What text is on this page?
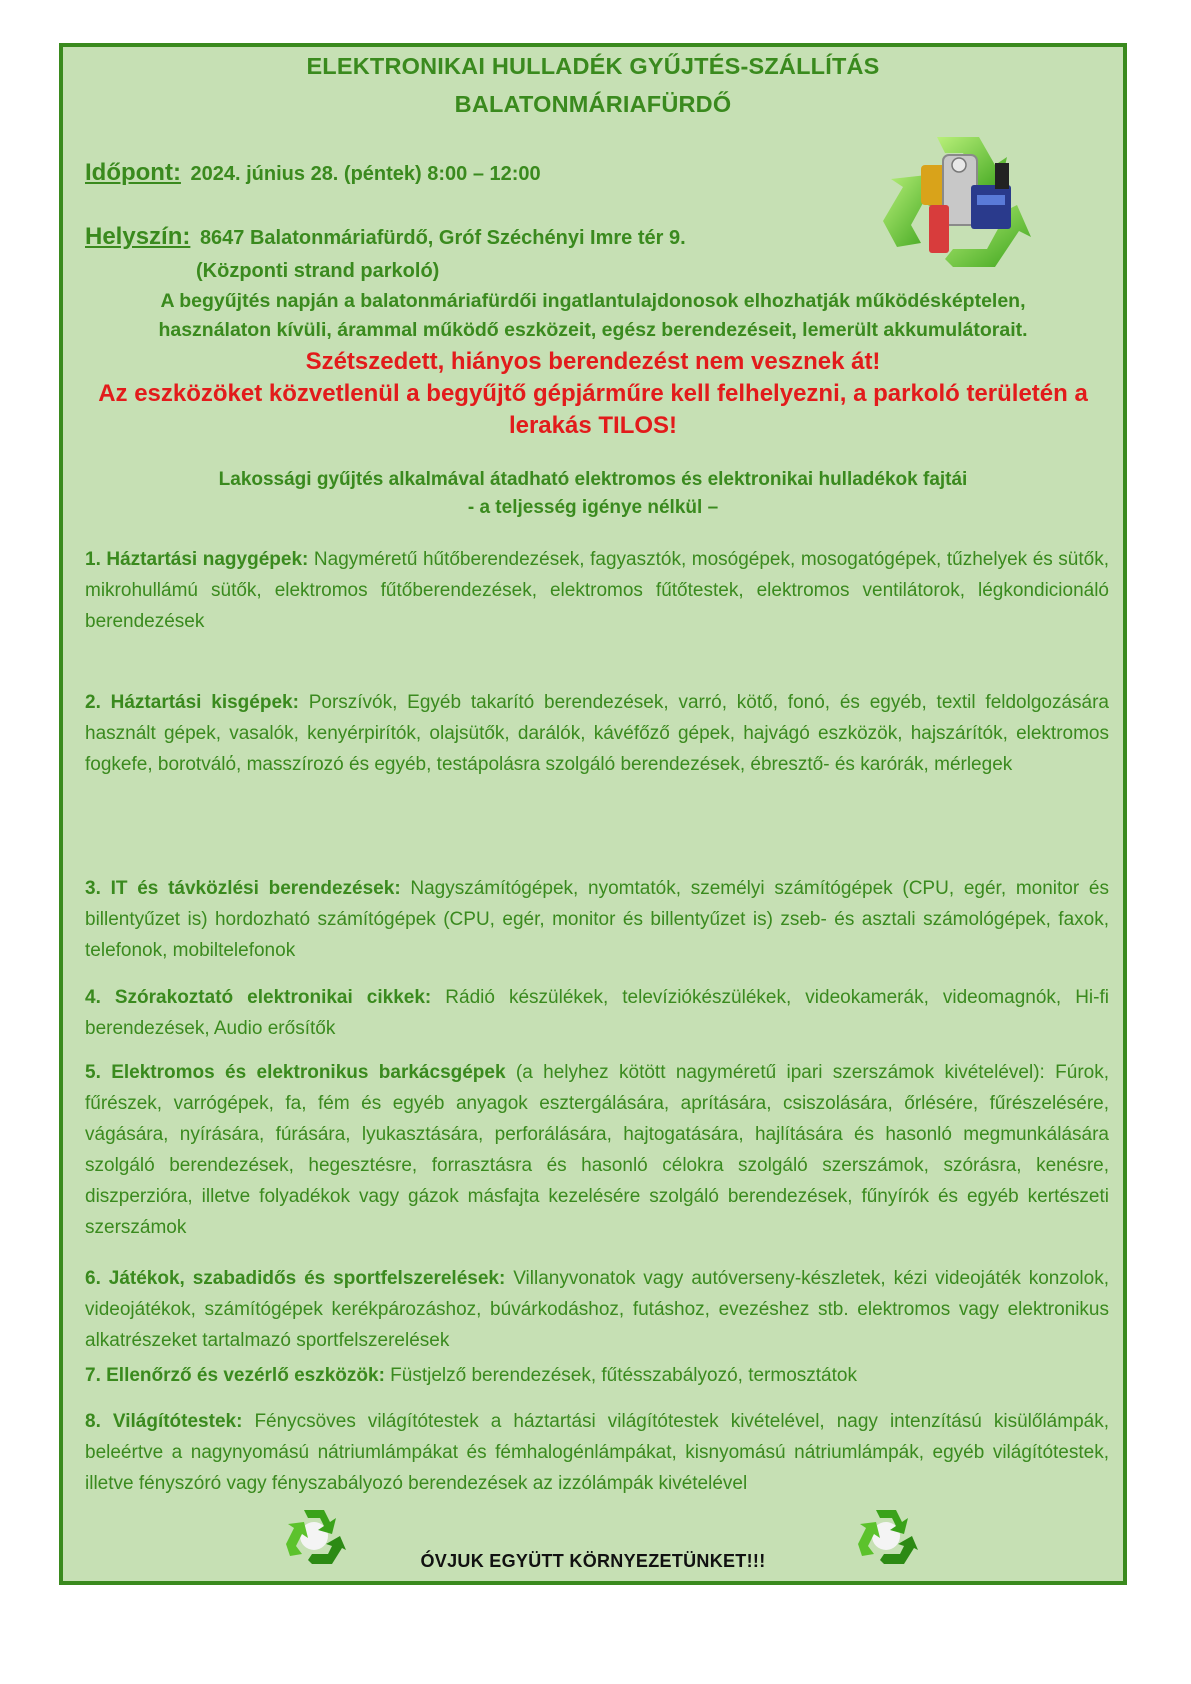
ELEKTRONIKAI HULLADÉK GYŰJTÉS-SZÁLLÍTÁS
BALATONMÁRIAFÜRDŐ
Időpont: 2024. június 28. (péntek) 8:00 – 12:00
Helyszín: 8647 Balatonmáriafürdő, Gróf Széchényi Imre tér 9.
(Központi strand parkoló)
A begyűjtés napján a balatonmáriafürdői ingatlantulajdonosok elhozhatják működésképtelen,
használaton kívüli, árammal működő eszközeit, egész berendezéseit, lemerült akkumulátorait.
Szétszedett, hiányos berendezést nem vesznek át!
Az eszközöket közvetlenül a begyűjtő gépjárműre kell felhelyezni, a parkoló területén a
lerakás TILOS!
Lakossági gyűjtés alkalmával átadható elektromos és elektronikai hulladékok fajtái
- a teljesség igénye nélkül –
1. Háztartási nagygépek: Nagyméretű hűtőberendezések, fagyasztók, mosógépek, mosogatógépek, tűzhelyek és sütők, mikrohullámú sütők, elektromos fűtőberendezések, elektromos fűtőtestek, elektromos ventilátorok, légkondicionáló berendezések
2. Háztartási kisgépek: Porszívók, Egyéb takarító berendezések, varró, kötő, fonó, és egyéb, textil feldolgozására használt gépek, vasalók, kenyérpirítók, olajsütők, darálók, kávéfőző gépek, hajvágó eszközök, hajszárítók, elektromos fogkefe, borotválό, masszírozó és egyéb, testápolásra szolgáló berendezések, ébresztő- és karórák, mérlegek
3. IT és távközlési berendezések: Nagyszámítógépek, nyomtatók, személyi számítógépek (CPU, egér, monitor és billentyűzet is) hordozható számítógépek (CPU, egér, monitor és billentyűzet is) zseb- és asztali számológépek, faxok, telefonok, mobiltelefonok
4. Szórakoztató elektronikai cikkek: Rádió készülékek, televíziókészülékek, videokamerák, videomagnók, Hi-fi berendezések, Audio erősítők
5. Elektromos és elektronikus barkácsgépek (a helyhez kötött nagyméretű ipari szerszámok kivételével): Fúrok, fűrészek, varrógépek, fa, fém és egyéb anyagok esztergálására, aprítására, csiszolására, őrlésére, fűrészelésére, vágására, nyírására, fúrására, lyukasztására, perforálására, hajtogatására, hajlítására és hasonló megmunkálására szolgáló berendezések, hegesztésre, forrasztásra és hasonló célokra szolgáló szerszámok, szórásra, kenésre, diszperzióra, illetve folyadékok vagy gázok másfajta kezelésére szolgáló berendezések, fűnyírók és egyéb kertészeti szerszámok
6. Játékok, szabadidős és sportfelszerelések: Villanyvonatok vagy autóverseny-készletek, kézi videojáték konzolok, videojátékok, számítógépek kerékpározáshoz, búvárkodáshoz, futáshoz, evezéshez stb. elektromos vagy elektronikus alkatrészeket tartalmazó sportfelszerelések
7. Ellenőrző és vezérlő eszközök: Füstjelző berendezések, fűtésszabályozó, termosztátok
8. Világítótestek: Fénycsöves világítótestek a háztartási világítótestek kivételével, nagy intenzítású kisülőlámpák, beleértve a nagynyomású nátriumlámpákat és fémhalogénlámpákat, kisnyomású nátriumlámpák, egyéb világítótestek, illetve fényszóró vagy fényszabályozó berendezések az izzólámpák kivételével
ÓVJUK EGYÜTT KÖRNYEZETÜNKET!!!
